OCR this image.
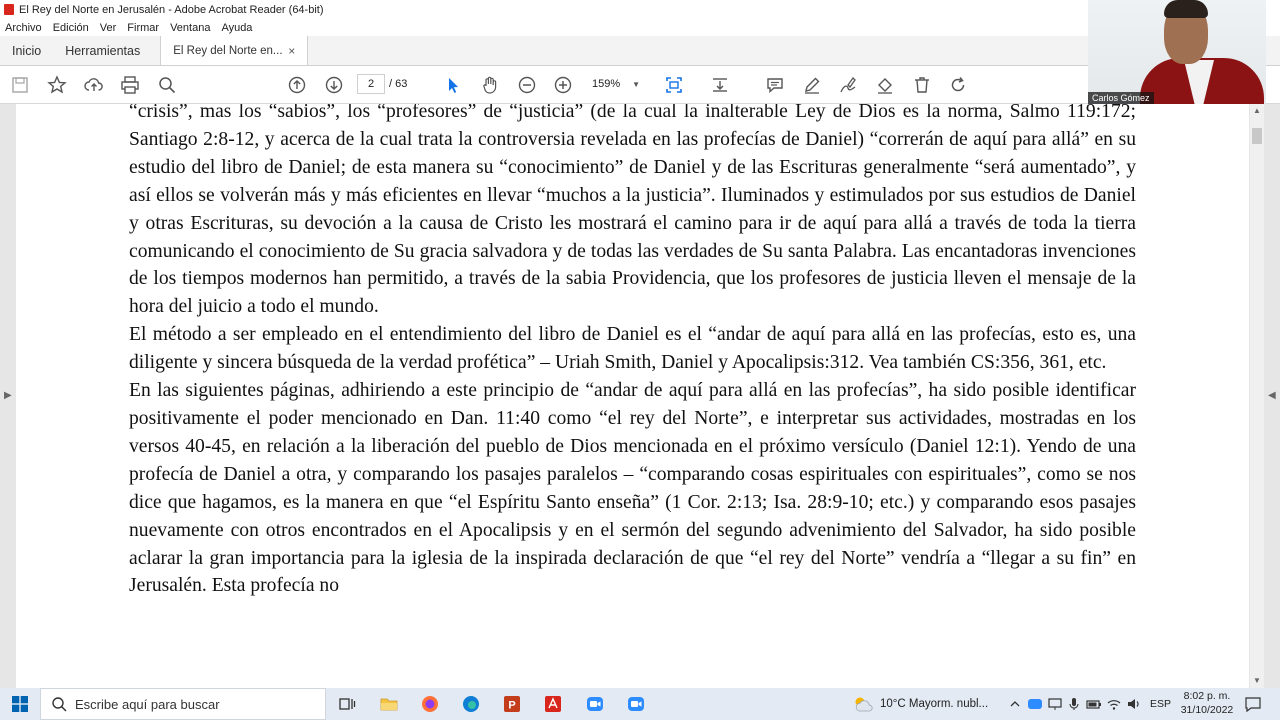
El Rey del Norte en Jerusalén - Adobe Acrobat Reader (64-bit)
Archivo Edición Ver Firmar Ventana Ayuda
Inicio Herramientas	El Rey del Norte en... ×
2	/ 63	159% ▼
Carlos Gómez

“crisis”, mas los “sabios”, los “profesores” de “justicia” (de la cual la inalterable Ley de Dios es la norma, Salmo 119:172; Santiago 2:8-12, y acerca de la cual trata la controversia revelada en las profecías de Daniel) “correrán de aquí para allá” en su estudio del libro de Daniel; de esta manera su “conocimiento” de Daniel y de las Escrituras generalmente “será aumentado”, y así ellos se volverán más y más eficientes en llevar “muchos a la justicia”. Iluminados y estimulados por sus estudios de Daniel y otras Escrituras, su devoción a la causa de Cristo les mostrará el camino para ir de aquí para allá a través de toda la tierra comunicando el conocimiento de Su gracia salvadora y de todas las verdades de Su santa Palabra. Las encantadoras invenciones de los tiempos modernos han permitido, a través de la sabia Providencia, que los profesores de justicia lleven el mensaje de la hora del juicio a todo el mundo.

El método a ser empleado en el entendimiento del libro de Daniel es el “andar de aquí para allá en las profecías, esto es, una diligente y sincera búsqueda de la verdad profética” – Uriah Smith, Daniel y Apocalipsis:312. Vea también CS:356, 361, etc.

En las siguientes páginas, adhiriendo a este principio de “andar de aquí para allá en las profecías”, ha sido posible identificar positivamente el poder mencionado en Dan. 11:40 como “el rey del Norte”, e interpretar sus actividades, mostradas en los versos 40-45, en relación a la liberación del pueblo de Dios mencionada en el próximo versículo (Daniel 12:1). Yendo de una profecía de Daniel a otra, y comparando los pasajes paralelos – “comparando cosas espirituales con espirituales”, como se nos dice que hagamos, es la manera en que “el Espíritu Santo enseña” (1 Cor. 2:13; Isa. 28:9-10; etc.) y comparando esos pasajes nuevamente con otros encontrados en el Apocalipsis y en el sermón del segundo advenimiento del Salvador, ha sido posible aclarar la gran importancia para la iglesia de la inspirada declaración de que “el rey del Norte” vendría a “llegar a su fin” en Jerusalén. Esta profecía no

▶	◀
▲
▼
Escribe aquí para buscar	P	10°C Mayorm. nubl...	ESP
8:02 p. m.
31/10/2022
